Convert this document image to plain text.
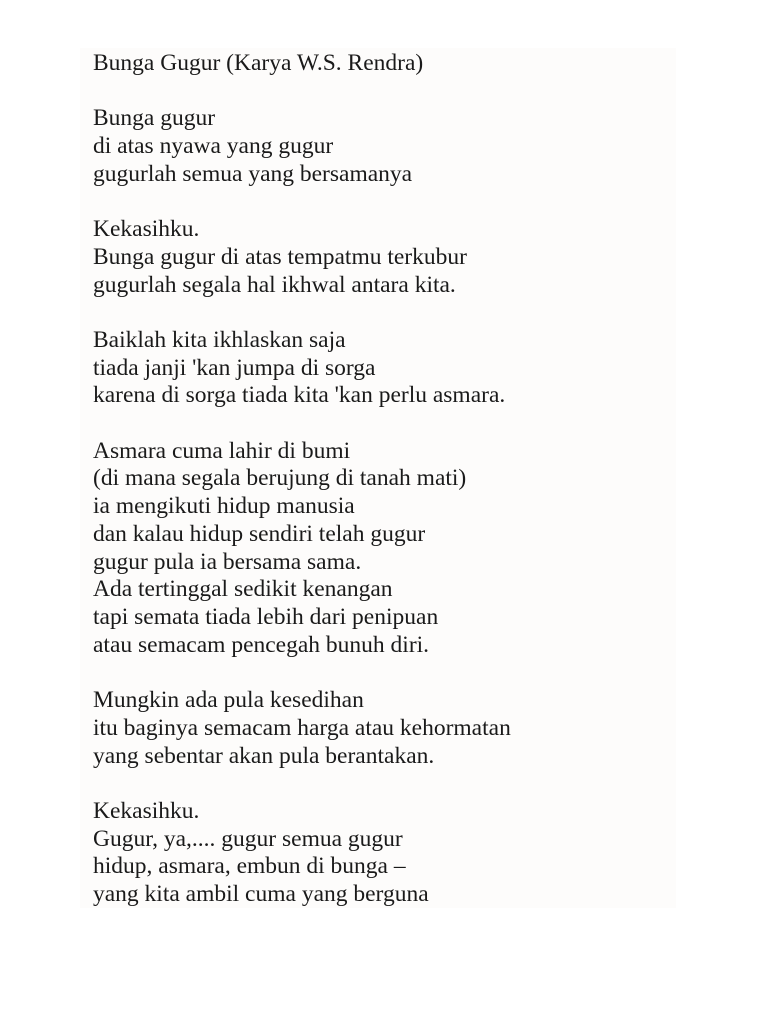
Bunga Gugur (Karya W.S. Rendra)
Bunga gugur
di atas nyawa yang gugur
gugurlah semua yang bersamanya
Kekasihku.
Bunga gugur di atas tempatmu terkubur
gugurlah segala hal ikhwal antara kita.
Baiklah kita ikhlaskan saja
tiada janji 'kan jumpa di sorga
karena di sorga tiada kita 'kan perlu asmara.
Asmara cuma lahir di bumi
(di mana segala berujung di tanah mati)
ia mengikuti hidup manusia
dan kalau hidup sendiri telah gugur
gugur pula ia bersama sama.
Ada tertinggal sedikit kenangan
tapi semata tiada lebih dari penipuan
atau semacam pencegah bunuh diri.
Mungkin ada pula kesedihan
itu baginya semacam harga atau kehormatan
yang sebentar akan pula berantakan.
Kekasihku.
Gugur, ya,.... gugur semua gugur
hidup, asmara, embun di bunga –
yang kita ambil cuma yang berguna
